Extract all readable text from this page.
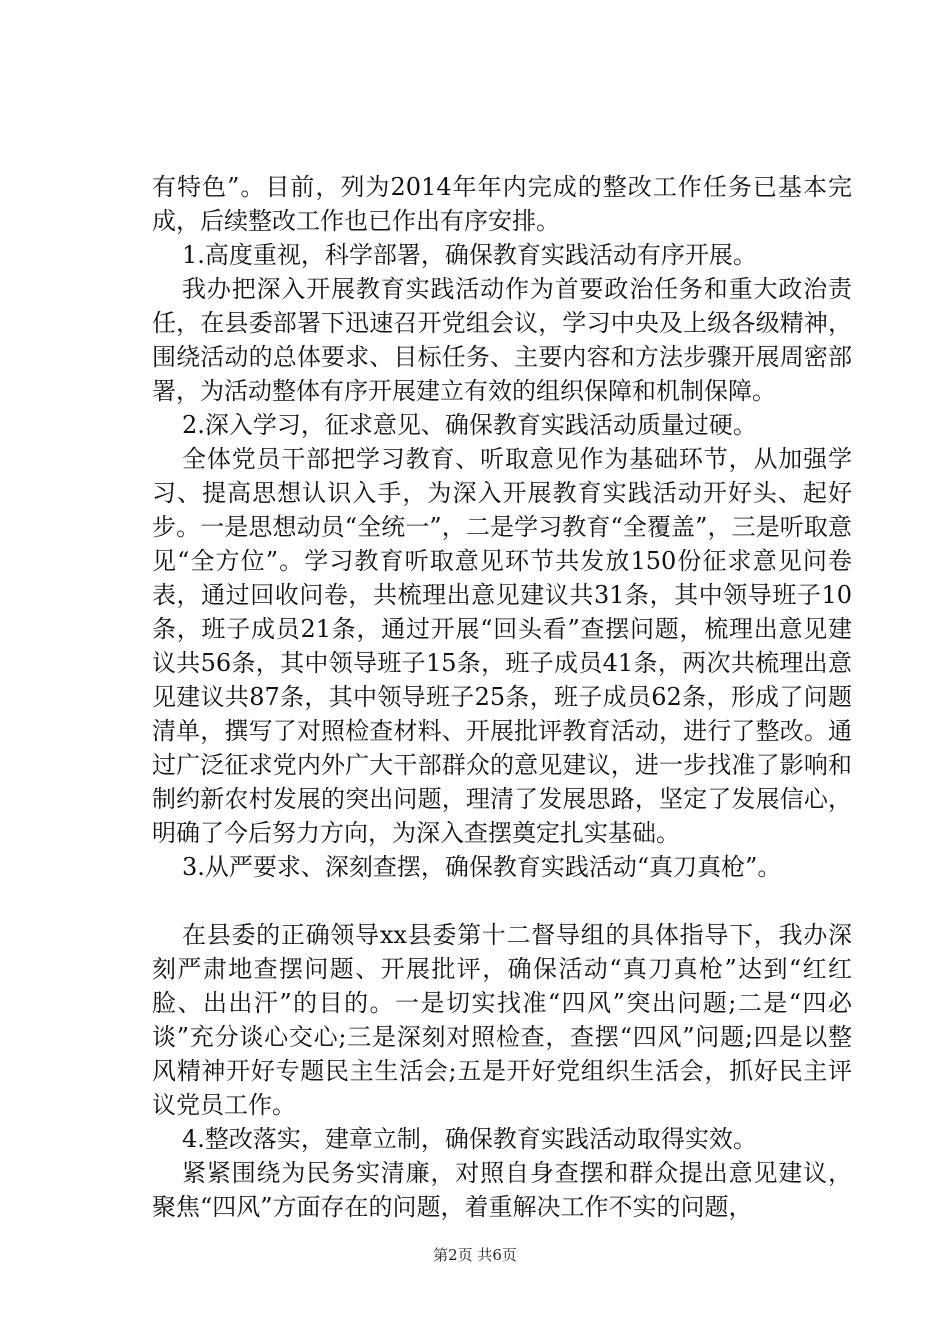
有特色”。目前，列为2014年年内完成的整改工作任务已基本完成，后续整改工作也已作出有序安排。

1.高度重视，科学部署，确保教育实践活动有序开展。

我办把深入开展教育实践活动作为首要政治任务和重大政治责任，在县委部署下迅速召开党组会议，学习中央及上级各级精神，围绕活动的总体要求、目标任务、主要内容和方法步骤开展周密部署，为活动整体有序开展建立有效的组织保障和机制保障。

2.深入学习，征求意见、确保教育实践活动质量过硬。

全体党员干部把学习教育、听取意见作为基础环节，从加强学习、提高思想认识入手，为深入开展教育实践活动开好头、起好步。一是思想动员“全统一”，二是学习教育“全覆盖”，三是听取意见“全方位”。学习教育听取意见环节共发放150份征求意见问卷表，通过回收问卷，共梳理出意见建议共31条，其中领导班子10条，班子成员21条，通过开展“回头看”查摆问题，梳理出意见建议共56条，其中领导班子15条，班子成员41条，两次共梳理出意见建议共87条，其中领导班子25条，班子成员62条，形成了问题清单，撰写了对照检查材料、开展批评教育活动，进行了整改。通过广泛征求党内外广大干部群众的意见建议，进一步找准了影响和制约新农村发展的突出问题，理清了发展思路，坚定了发展信心，明确了今后努力方向，为深入查摆奠定扎实基础。

3.从严要求、深刻查摆，确保教育实践活动“真刀真枪”。

在县委的正确领导xx县委第十二督导组的具体指导下，我办深刻严肃地查摆问题、开展批评，确保活动“真刀真枪”达到“红红脸、出出汗”的目的。一是切实找准“四风”突出问题;二是“四必谈”充分谈心交心;三是深刻对照检查，查摆“四风”问题;四是以整风精神开好专题民主生活会;五是开好党组织生活会，抓好民主评议党员工作。

4.整改落实，建章立制，确保教育实践活动取得实效。

紧紧围绕为民务实清廉，对照自身查摆和群众提出意见建议，聚焦“四风”方面存在的问题，着重解决工作不实的问题，

第2页 共6页
